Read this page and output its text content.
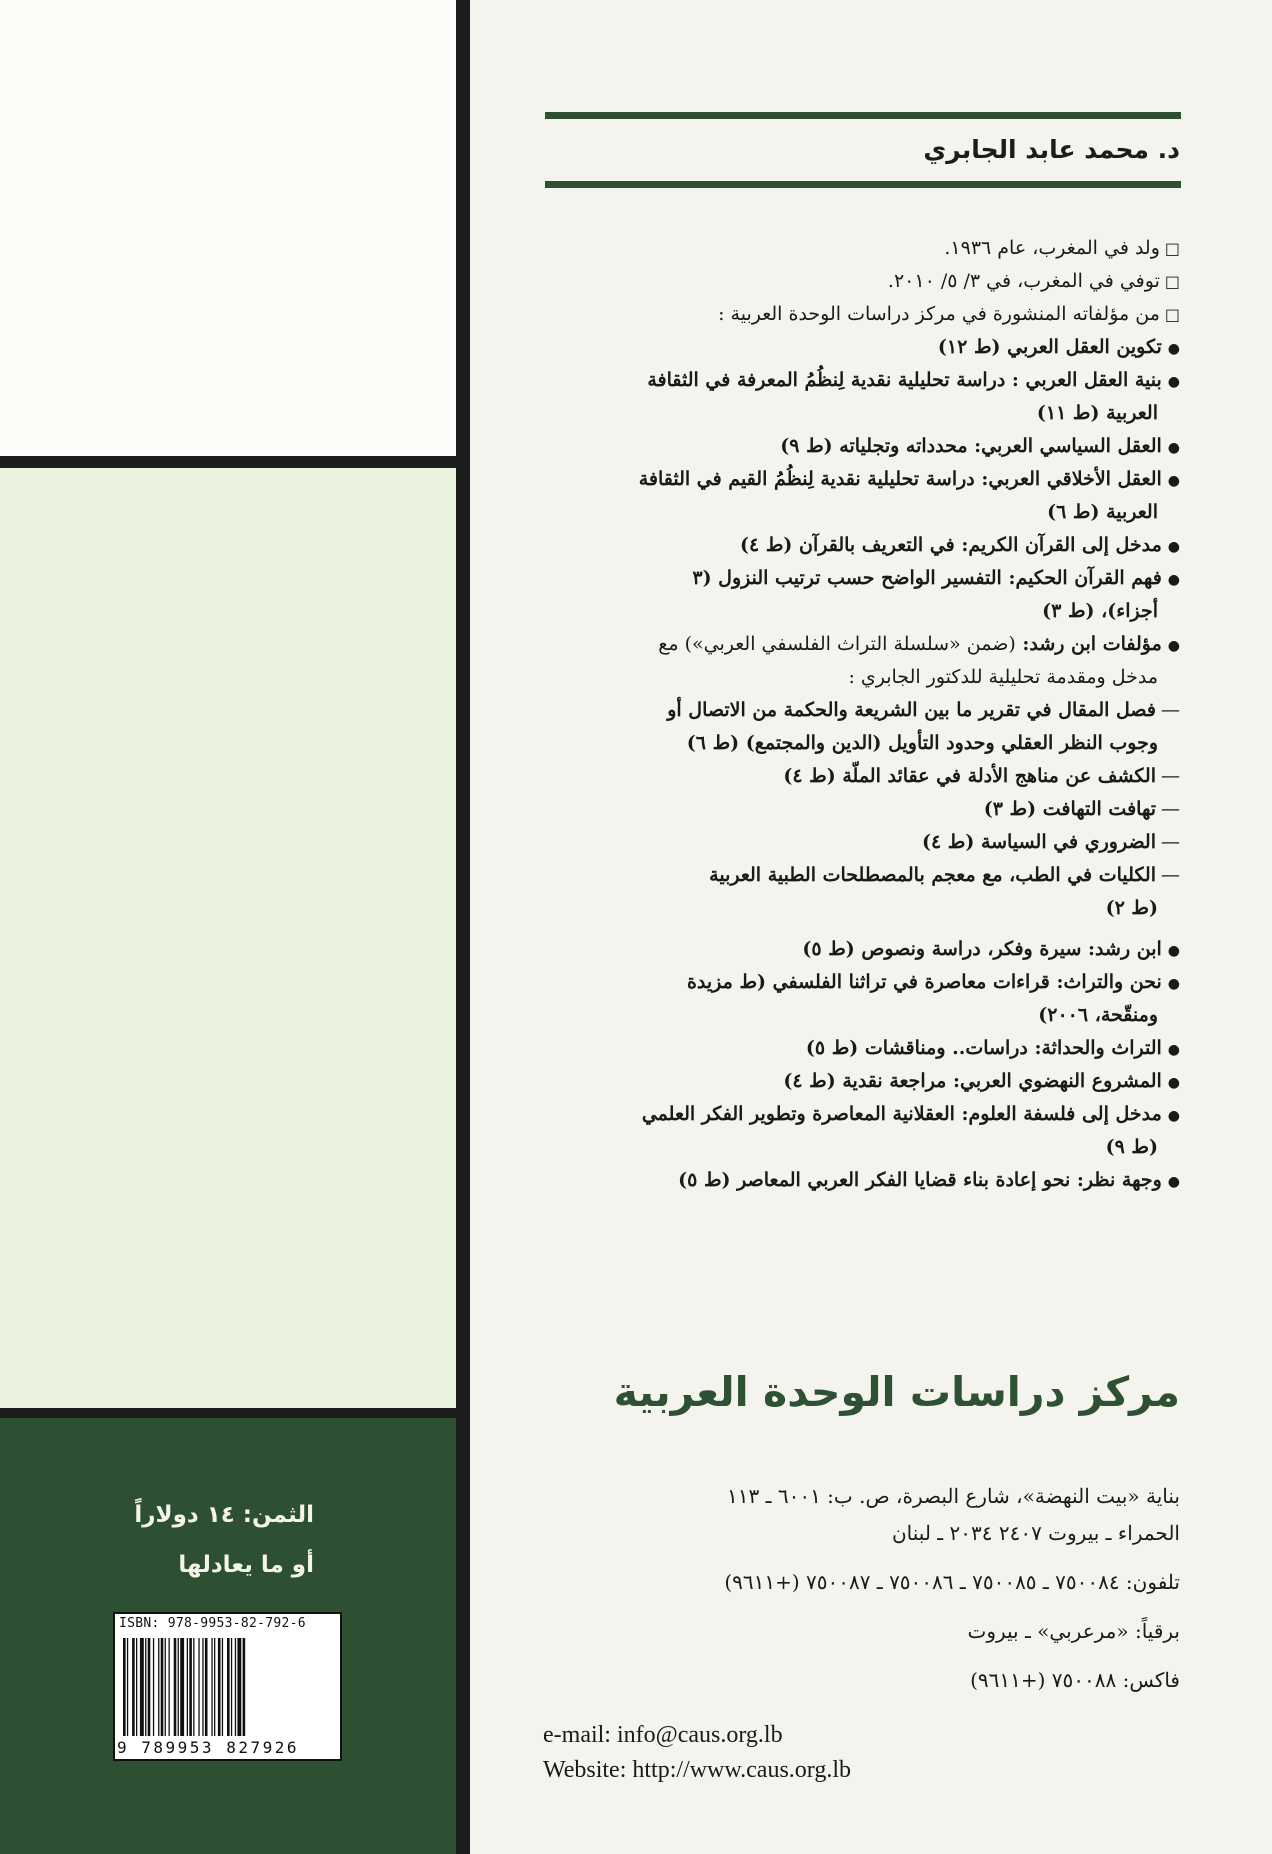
الثمن: ١٤ دولاراً
أو ما يعادلها
ISBN: 978-9953-82-792-6
9 789953 827926
د. محمد عابد الجابري
□ ولد في المغرب، عام ١٩٣٦.
□ توفي في المغرب، في ٣/ ٥/ ٢٠١٠.
□ من مؤلفاته المنشورة في مركز دراسات الوحدة العربية :
● تكوين العقل العربي (ط ١٢)
● بنية العقل العربي : دراسة تحليلية نقدية لِنظُمُ المعرفة في الثقافة
العربية (ط ١١)
● العقل السياسي العربي: محدداته وتجلياته (ط ٩)
● العقل الأخلاقي العربي: دراسة تحليلية نقدية لِنظُمُ القيم في الثقافة
العربية (ط ٦)
● مدخل إلى القرآن الكريم: في التعريف بالقرآن (ط ٤)
● فهم القرآن الحكيم: التفسير الواضح حسب ترتيب النزول (٣
أجزاء)، (ط ٣)
● مؤلفات ابن رشد: (ضمن «سلسلة التراث الفلسفي العربي») مع
مدخل ومقدمة تحليلية للدكتور الجابري :
— فصل المقال في تقرير ما بين الشريعة والحكمة من الاتصال أو
وجوب النظر العقلي وحدود التأويل (الدين والمجتمع) (ط ٦)
— الكشف عن مناهج الأدلة في عقائد الملّة (ط ٤)
— تهافت التهافت (ط ٣)
— الضروري في السياسة (ط ٤)
— الكليات في الطب، مع معجم بالمصطلحات الطبية العربية
(ط ٢)
● ابن رشد: سيرة وفكر، دراسة ونصوص (ط ٥)
● نحن والتراث: قراءات معاصرة في تراثنا الفلسفي (ط مزيدة
ومنقّحة، ٢٠٠٦)
● التراث والحداثة: دراسات.. ومناقشات (ط ٥)
● المشروع النهضوي العربي: مراجعة نقدية (ط ٤)
● مدخل إلى فلسفة العلوم: العقلانية المعاصرة وتطوير الفكر العلمي
(ط ٩)
● وجهة نظر: نحو إعادة بناء قضايا الفكر العربي المعاصر (ط ٥)
مركز دراسات الوحدة العربية
بناية «بيت النهضة»، شارع البصرة، ص. ب: ٦٠٠١ ـ ١١٣
الحمراء ـ بيروت ٢٤٠٧ ٢٠٣٤ ـ لبنان
تلفون: ٧٥٠٠٨٤ ـ ٧٥٠٠٨٥ ـ ٧٥٠٠٨٦ ـ ٧٥٠٠٨٧ (+٩٦١١)
برقياً: «مرعربي» ـ بيروت
فاكس: ٧٥٠٠٨٨ (+٩٦١١)
e-mail: info@caus.org.lb
Website: http://www.caus.org.lb
